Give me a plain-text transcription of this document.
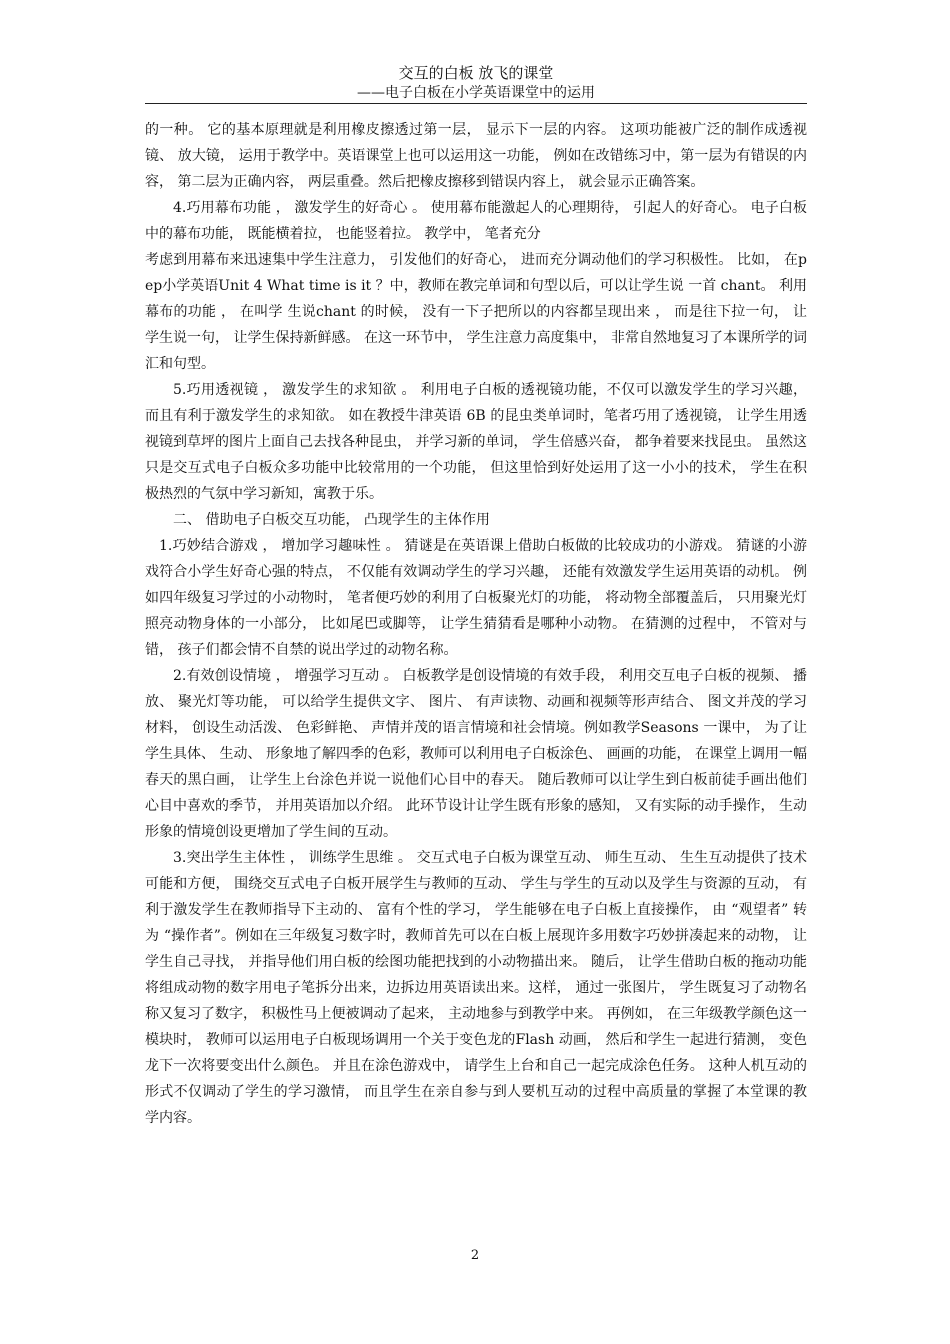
交互的白板 放飞的课堂
——电子白板在小学英语课堂中的运用

的一种。 它的基本原理就是利用橡皮擦透过第一层， 显示下一层的内容。 这项功能被广泛的制作成透视镜、 放大镜， 运用于教学中。英语课堂上也可以运用这一功能， 例如在改错练习中，第一层为有错误的内容， 第二层为正确内容， 两层重叠。然后把橡皮擦移到错误内容上， 就会显示正确答案。

4.巧用幕布功能 ， 激发学生的好奇心 。 使用幕布能激起人的心理期待， 引起人的好奇心。 电子白板中的幕布功能， 既能横着拉， 也能竖着拉。 教学中， 笔者充分

考虑到用幕布来迅速集中学生注意力， 引发他们的好奇心， 进而充分调动他们的学习积极性。 比如， 在pep小学英语Unit 4 What time is it ？中，教师在教完单词和句型以后，可以让学生说 一首 chant。 利用幕布的功能 ， 在叫学 生说chant 的时候， 没有一下子把所以的内容都呈现出来 ， 而是往下拉一句， 让学生说一句， 让学生保持新鲜感。 在这一环节中， 学生注意力高度集中， 非常自然地复习了本课所学的词汇和句型。

5.巧用透视镜 ， 激发学生的求知欲 。 利用电子白板的透视镜功能，不仅可以激发学生的学习兴趣， 而且有利于激发学生的求知欲。 如在教授牛津英语 6B 的昆虫类单词时，笔者巧用了透视镜， 让学生用透视镜到草坪的图片上面自己去找各种昆虫， 并学习新的单词， 学生倍感兴奋， 都争着要来找昆虫。 虽然这只是交互式电子白板众多功能中比较常用的一个功能， 但这里恰到好处运用了这一小小的技术， 学生在积极热烈的气氛中学习新知，寓教于乐。

二、 借助电子白板交互功能， 凸现学生的主体作用

1.巧妙结合游戏 ， 增加学习趣味性 。 猜谜是在英语课上借助白板做的比较成功的小游戏。 猜谜的小游戏符合小学生好奇心强的特点， 不仅能有效调动学生的学习兴趣， 还能有效激发学生运用英语的动机。 例如四年级复习学过的小动物时， 笔者便巧妙的利用了白板聚光灯的功能， 将动物全部覆盖后， 只用聚光灯照亮动物身体的一小部分， 比如尾巴或脚等， 让学生猜猜看是哪种小动物。 在猜测的过程中， 不管对与错， 孩子们都会情不自禁的说出学过的动物名称。

2.有效创设情境 ， 增强学习互动 。 白板教学是创设情境的有效手段， 利用交互电子白板的视频、 播放、 聚光灯等功能， 可以给学生提供文字、 图片、 有声读物、动画和视频等形声结合、 图文并茂的学习材料， 创设生动活泼、 色彩鲜艳、 声情并茂的语言情境和社会情境。例如教学Seasons 一课中， 为了让学生具体、 生动、 形象地了解四季的色彩，教师可以利用电子白板涂色、 画画的功能， 在课堂上调用一幅春天的黑白画， 让学生上台涂色并说一说他们心目中的春天。 随后教师可以让学生到白板前徒手画出他们心目中喜欢的季节， 并用英语加以介绍。 此环节设计让学生既有形象的感知， 又有实际的动手操作， 生动形象的情境创设更增加了学生间的互动。

3.突出学生主体性 ， 训练学生思维 。 交互式电子白板为课堂互动、 师生互动、 生生互动提供了技术可能和方便， 围绕交互式电子白板开展学生与教师的互动、 学生与学生的互动以及学生与资源的互动， 有利于激发学生在教师指导下主动的、 富有个性的学习， 学生能够在电子白板上直接操作， 由 “观望者” 转为 “操作者”。例如在三年级复习数字时，教师首先可以在白板上展现许多用数字巧妙拼凑起来的动物， 让学生自己寻找， 并指导他们用白板的绘图功能把找到的小动物描出来。 随后， 让学生借助白板的拖动功能将组成动物的数字用电子笔拆分出来，边拆边用英语读出来。这样， 通过一张图片， 学生既复习了动物名称又复习了数字， 积极性马上便被调动了起来， 主动地参与到教学中来。 再例如， 在三年级教学颜色这一模块时， 教师可以运用电子白板现场调用一个关于变色龙的Flash 动画， 然后和学生一起进行猜测， 变色龙下一次将要变出什么颜色。 并且在涂色游戏中， 请学生上台和自己一起完成涂色任务。 这种人机互动的形式不仅调动了学生的学习激情， 而且学生在亲自参与到人要机互动的过程中高质量的掌握了本堂课的教学内容。

2
